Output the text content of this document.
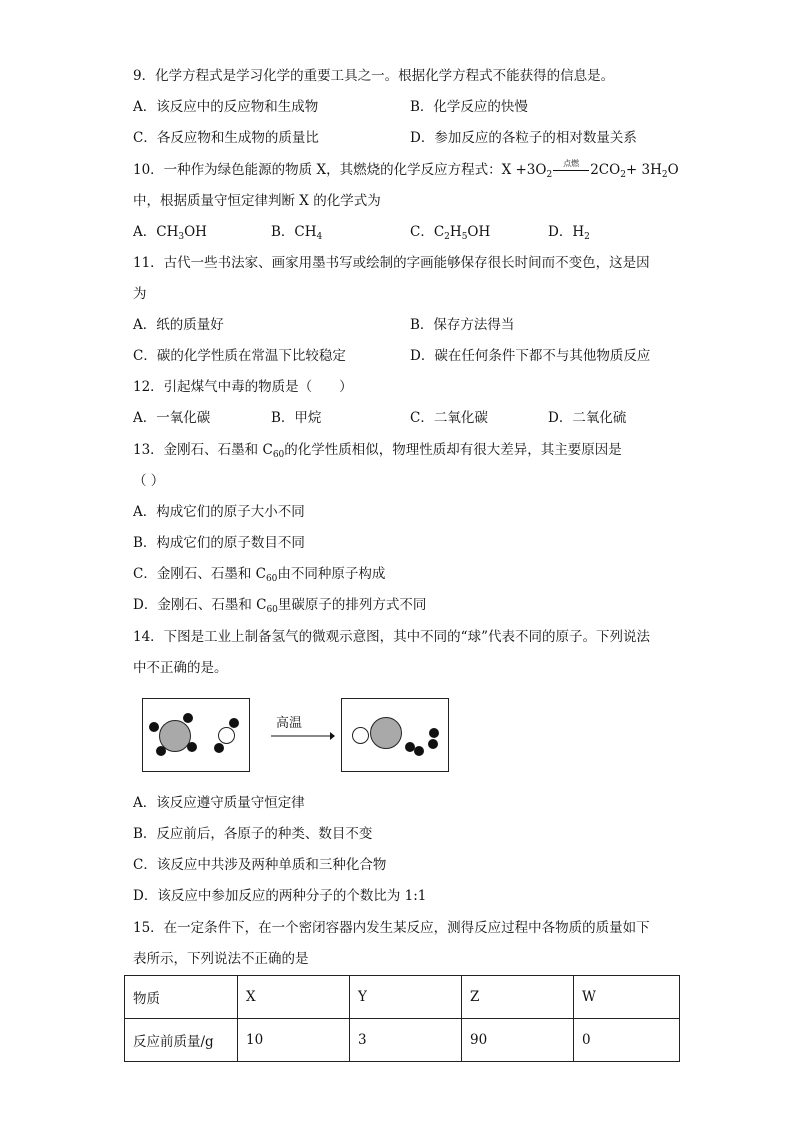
9．化学方程式是学习化学的重要工具之一。根据化学方程式不能获得的信息是。
A．该反应中的反应物和生成物	B．化学反应的快慢
C．各反应物和生成物的质量比	D．参加反应的各粒子的相对数量关系
10．一种作为绿色能源的物质 X，其燃烧的化学反应方程式：$X +3O_2$
点燃 $2CO_2+ 3H_2O$
中，根据质量守恒定律判断 X 的化学式为
A．$CH_3OH$	B．$CH_4$	C．$C_2H_5OH$	D．$H_2$
11．古代一些书法家、画家用墨书写或绘制的字画能够保存很长时间而不变色，这是因
为
A．纸的质量好	B．保存方法得当
C．碳的化学性质在常温下比较稳定	D．碳在任何条件下都不与其他物质反应
12．引起煤气中毒的物质是（　　）
A．一氧化碳	B．甲烷	C．二氧化碳	D．二氧化硫
13．金刚石、石墨和 $C_{60}$的化学性质相似，物理性质却有很大差异，其主要原因是
（ ）
A．构成它们的原子大小不同
B．构成它们的原子数目不同
C．金刚石、石墨和 $C_{60}$由不同种原子构成
D．金刚石、石墨和 $C_{60}$里碳原子的排列方式不同
14．下图是工业上制备氢气的微观示意图，其中不同的“球”代表不同的原子。下列说法
中不正确的是。
高温
A．该反应遵守质量守恒定律
B．反应前后，各原子的种类、数目不变
C．该反应中共涉及两种单质和三种化合物
D．该反应中参加反应的两种分子的个数比为 1:1
15．在一定条件下，在一个密闭容器内发生某反应，测得反应过程中各物质的质量如下
表所示，下列说法不正确的是
物质	X	Y	Z	W
反应前质量/g	10	3	90	0
